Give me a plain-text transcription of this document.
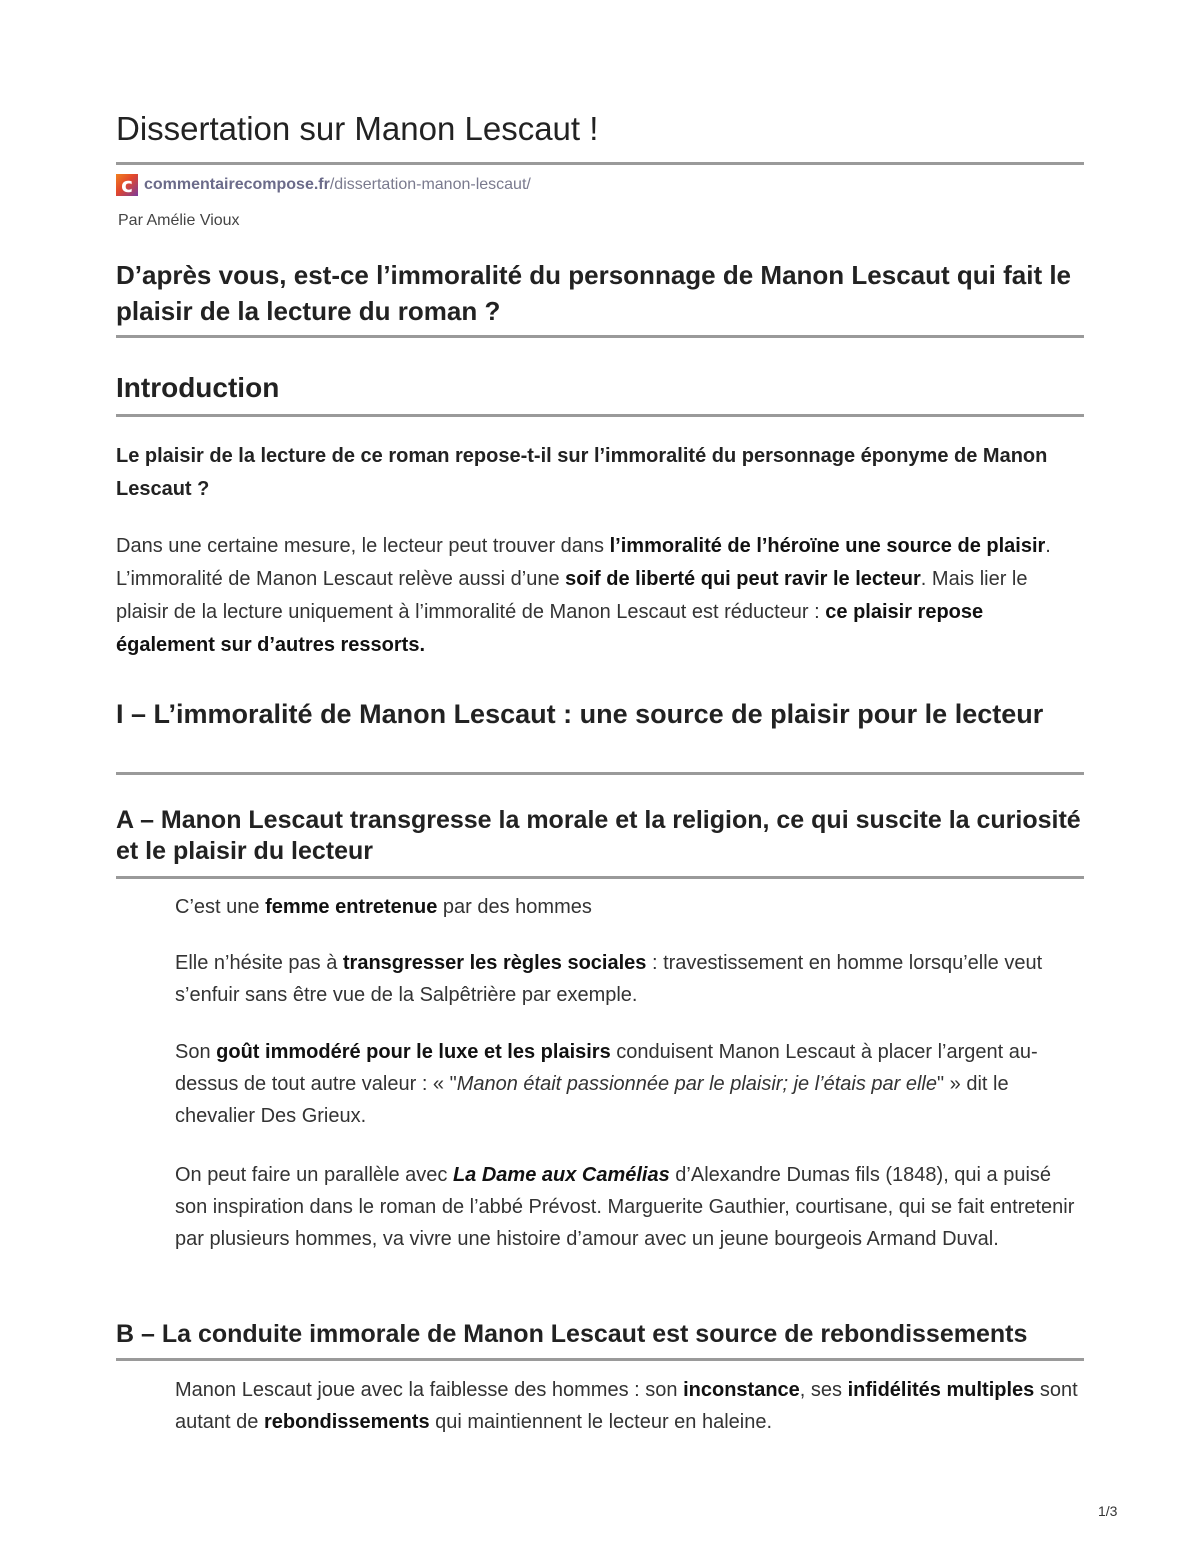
Dissertation sur Manon Lescaut !
c commentairecompose.fr /dissertation-manon-lescaut/
Par Amélie Vioux
D’après vous, est-ce l’immoralité du personnage de Manon Lescaut qui fait le plaisir de la lecture du roman ?
Introduction

Le plaisir de la lecture de ce roman repose-t-il sur l’immoralité du personnage éponyme de Manon Lescaut ?

Dans une certaine mesure, le lecteur peut trouver dans l’immoralité de l’héroïne une source de plaisir. L’immoralité de Manon Lescaut relève aussi d’une soif de liberté qui peut ravir le lecteur. Mais lier le plaisir de la lecture uniquement à l’immoralité de Manon Lescaut est réducteur : ce plaisir repose également sur d’autres ressorts.

I – L’immoralité de Manon Lescaut : une source de plaisir pour le lecteur
A – Manon Lescaut transgresse la morale et la religion, ce qui suscite la curiosité et le plaisir du lecteur

C’est une femme entretenue par des hommes

Elle n’hésite pas à transgresser les règles sociales : travestissement en homme lorsqu’elle veut s’enfuir sans être vue de la Salpêtrière par exemple.

Son goût immodéré pour le luxe et les plaisirs conduisent Manon Lescaut à placer l’argent au-dessus de tout autre valeur : « "Manon était passionnée par le plaisir; je l’étais par elle" » dit le chevalier Des Grieux.

On peut faire un parallèle avec La Dame aux Camélias d’Alexandre Dumas fils (1848), qui a puisé son inspiration dans le roman de l’abbé Prévost. Marguerite Gauthier, courtisane, qui se fait entretenir par plusieurs hommes, va vivre une histoire d’amour avec un jeune bourgeois Armand Duval.

B – La conduite immorale de Manon Lescaut est source de rebondissements

Manon Lescaut joue avec la faiblesse des hommes : son inconstance, ses infidélités multiples sont autant de rebondissements qui maintiennent le lecteur en haleine.

1/3
